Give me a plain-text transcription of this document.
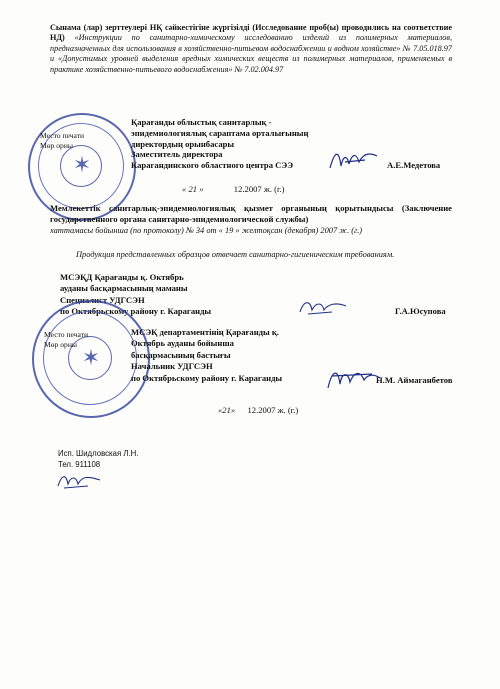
Сынама (лар) зерттеулері НҚ сәйкестігіне жүргізілді (Исследование проб(ы) проводились на соответствие НД) «Инструкции по санитарно-химическому исследованию изделий из полимерных материалов, предназначенных для использования в хозяйственно-питьевом водоснабжении и водном хозяйстве» № 7.05.018.97 и «Допустимых уровней выделения вредных химических веществ из полимерных материалов, применяемых в практике хозяйственно-питьевого водоснабжения» № 7.02.004.97
✶
Место печати
Мөр орны
Қарағанды облыстық санитарлық -
эпидемиологиялық сараптама орталығының
директордың орынбасары
Заместитель директора
Карагандинского областного центра СЭЭ	А.Е.Медетова
« 21 »	12.2007 ж. (г.)
Мемлекеттік санитарлық-эпидемиологиялық қызмет органының қорытындысы (Заключение государственного органа санитарно-эпидемиологической службы)
хаттамасы бойынша (по протоколу) № 34 от « 19 » желтоқсан (декабря) 2007 ж. (г.)
Продукция представленных образцов отвечает санитарно-гигиеническим требованиям.
МСЭҚД Қарағанды қ. Октябрь
ауданы басқармасының маманы
Специалист УДГСЭН
по Октябрьскому району г. Караганды	Г.А.Юсупова
✶
Место печати
Мөр орны
МСЭҚ департаментінің Қарағанды қ.
Октябрь ауданы бойынша
басқармасының бастығы
Начальник УДГСЭН
по Октябрьскому району г. Караганды	Н.М. Аймаганбетов
«21» 12.2007 ж. (г.)
Исп. Шидловская Л.Н.
Тел. 911108
